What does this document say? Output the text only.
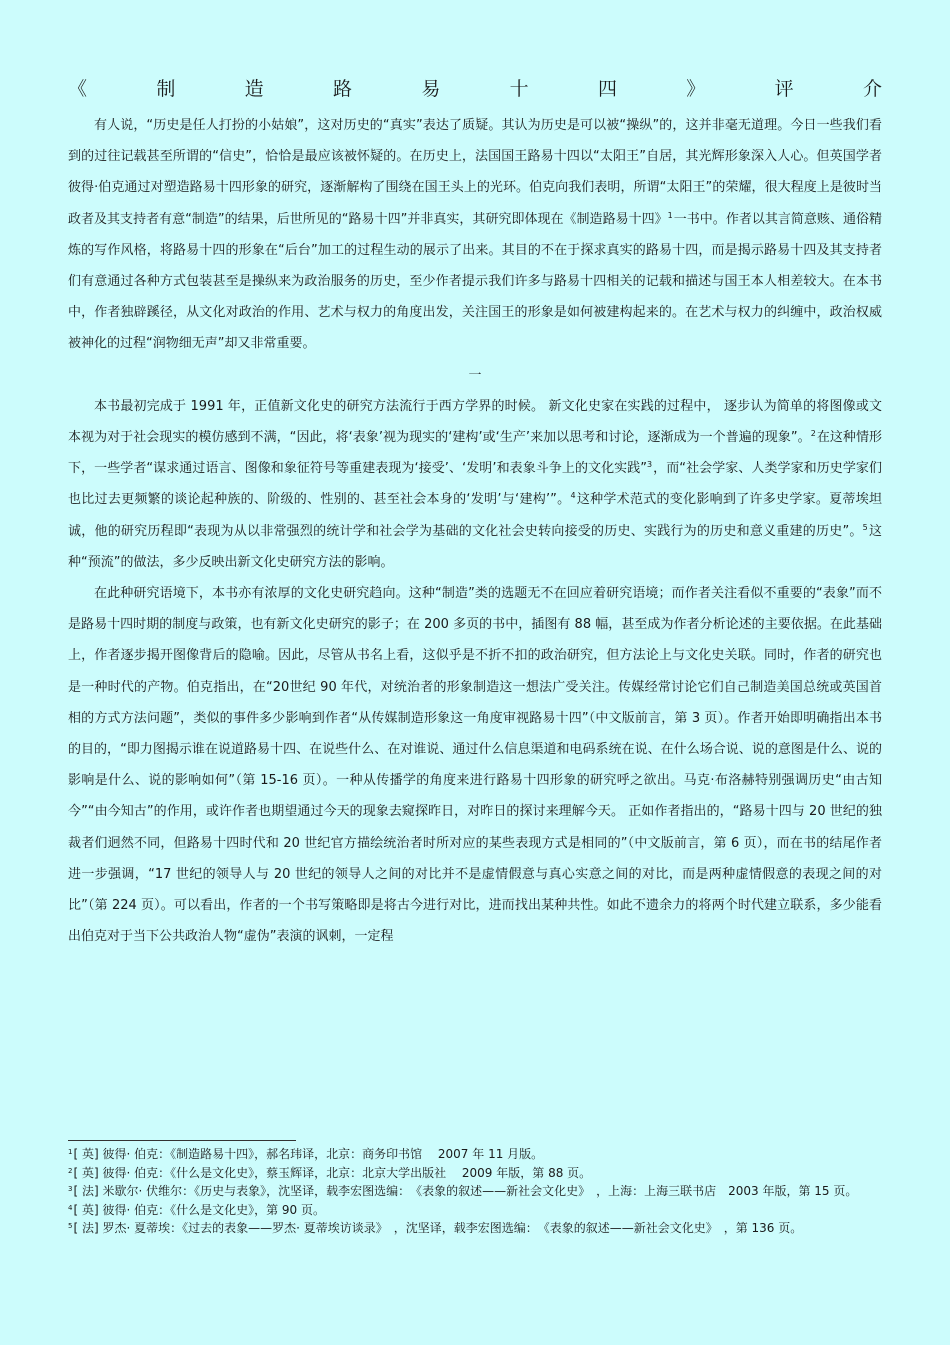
《	制	造	路	易	十	四	》	评	介

有人说，“历史是任人打扮的小姑娘”，这对历史的“真实”表达了质疑。其认为历史是可以被“操纵”的，这并非毫无道理。今日一些我们看到的过往记载甚至所谓的“信史”，恰恰是最应该被怀疑的。在历史上，法国国王路易十四以“太阳王”自居，其光辉形象深入人心。但英国学者彼得·伯克通过对塑造路易十四形象的研究，逐渐解构了围绕在国王头上的光环。伯克向我们表明，所谓“太阳王”的荣耀，很大程度上是彼时当政者及其支持者有意“制造”的结果，后世所见的“路易十四”并非真实，其研究即体现在《制造路易十四》$^1$一书中。作者以其言简意赅、通俗精炼的写作风格，将路易十四的形象在“后台”加工的过程生动的展示了出来。其目的不在于探求真实的路易十四，而是揭示路易十四及其支持者们有意通过各种方式包装甚至是操纵来为政治服务的历史，至少作者提示我们许多与路易十四相关的记载和描述与国王本人相差较大。在本书中，作者独辟蹊径，从文化对政治的作用、艺术与权力的角度出发，关注国王的形象是如何被建构起来的。在艺术与权力的纠缠中，政治权威被神化的过程“润物细无声”却又非常重要。

一

本书最初完成于 1991 年，正值新文化史的研究方法流行于西方学界的时候。 新文化史家在实践的过程中， 逐步认为简单的将图像或文本视为对于社会现实的模仿感到不满，“因此，将‘表象’视为现实的‘建构’或‘生产’来加以思考和讨论，逐渐成为一个普遍的现象”。$^2$在这种情形下，一些学者“谋求通过语言、图像和象征符号等重建表现为‘接受’、‘发明’和表象斗争上的文化实践”$^3$，而“社会学家、人类学家和历史学家们也比过去更频繁的谈论起种族的、阶级的、性别的、甚至社会本身的‘发明’与‘建构’”。$^4$这种学术范式的变化影响到了许多史学家。夏蒂埃坦诚，他的研究历程即“表现为从以非常强烈的统计学和社会学为基础的文化社会史转向接受的历史、实践行为的历史和意义重建的历史”。$^5$这种“预流”的做法，多少反映出新文化史研究方法的影响。

在此种研究语境下，本书亦有浓厚的文化史研究趋向。这种“制造”类的选题无不在回应着研究语境；而作者关注看似不重要的“表象”而不是路易十四时期的制度与政策，也有新文化史研究的影子；在 200 多页的书中，插图有 88 幅，甚至成为作者分析论述的主要依据。在此基础上，作者逐步揭开图像背后的隐喻。因此，尽管从书名上看，这似乎是不折不扣的政治研究，但方法论上与文化史关联。同时，作者的研究也是一种时代的产物。伯克指出，在“20世纪 90 年代，对统治者的形象制造这一想法广受关注。传媒经常讨论它们自己制造美国总统或英国首相的方式方法问题”，类似的事件多少影响到作者“从传媒制造形象这一角度审视路易十四”（中文版前言，第 3 页）。作者开始即明确指出本书的目的，“即力图揭示谁在说道路易十四、在说些什么、在对谁说、通过什么信息渠道和电码系统在说、在什么场合说、说的意图是什么、说的影响是什么、说的影响如何”（第 15-16 页）。一种从传播学的角度来进行路易十四形象的研究呼之欲出。马克·布洛赫特别强调历史“由古知今”“由今知古”的作用，或许作者也期望通过今天的现象去窥探昨日，对昨日的探讨来理解今天。 正如作者指出的，“路易十四与 20 世纪的独裁者们迥然不同，但路易十四时代和 20 世纪官方描绘统治者时所对应的某些表现方式是相同的”（中文版前言，第 6 页），而在书的结尾作者进一步强调，“17 世纪的领导人与 20 世纪的领导人之间的对比并不是虚情假意与真心实意之间的对比，而是两种虚情假意的表现之间的对比”（第 224 页）。可以看出，作者的一个书写策略即是将古今进行对比，进而找出某种共性。如此不遗余力的将两个时代建立联系，多少能看出伯克对于当下公共政治人物“虚伪”表演的讽刺，一定程

$^1$[ 英] 彼得· 伯克：《制造路易十四》，郝名玮译，北京：商务印书馆　 2007 年 11 月版。

$^2$[ 英] 彼得· 伯克：《什么是文化史》，蔡玉辉译，北京：北京大学出版社　 2009 年版，第 88 页。

$^3$[ 法] 米歇尔· 伏维尔：《历史与表象》，沈坚译，载李宏图选编：　《表象的叙述——新社会文化史》　，上海：上海三联书店　2003 年版，第 15 页。

$^4$[ 英] 彼得· 伯克：《什么是文化史》，第 90 页。

$^5$[ 法] 罗杰· 夏蒂埃：《过去的表象——罗杰· 夏蒂埃访谈录》　，沈坚译，载李宏图选编：　《表象的叙述——新社会文化史》　，第 136 页。
